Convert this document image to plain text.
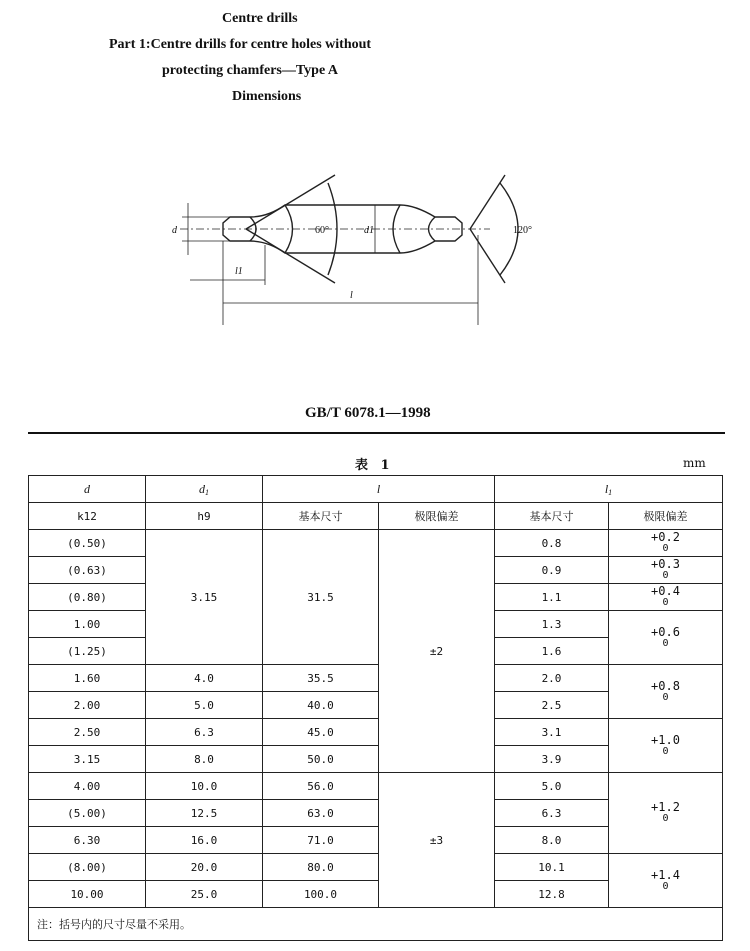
Centre drills
Part 1:Centre drills for centre holes without
protecting chamfers—Type A
Dimensions
d	d1
l
l1
60°	120°
GB/T 6078.1—1998
表 1	mm
d	$d_1$	l		$l_1$
k12	h9	基本尺寸	极限偏差	基本尺寸	极限偏差
(0.50)	3.15	31.5	±2	0.8	+0.2
0

(0.63)				0.9	+0.3
0

(0.80)				1.1	+0.4
0

1.00				1.3	+0.6
0

(1.25)				1.6	
1.60	4.0	35.5		2.0	+0.8
0

2.00	5.0	40.0		2.5	
2.50	6.3	45.0		3.1	+1.0
0

3.15	8.0	50.0		3.9	
4.00	10.0	56.0	±3	5.0	+1.2
0

(5.00)	12.5	63.0		6.3	
6.30	16.0	71.0		8.0	
(8.00)	20.0	80.0		10.1	+1.4
0

10.00	25.0	100.0		12.8	
注：括号内的尺寸尽量不采用。					
